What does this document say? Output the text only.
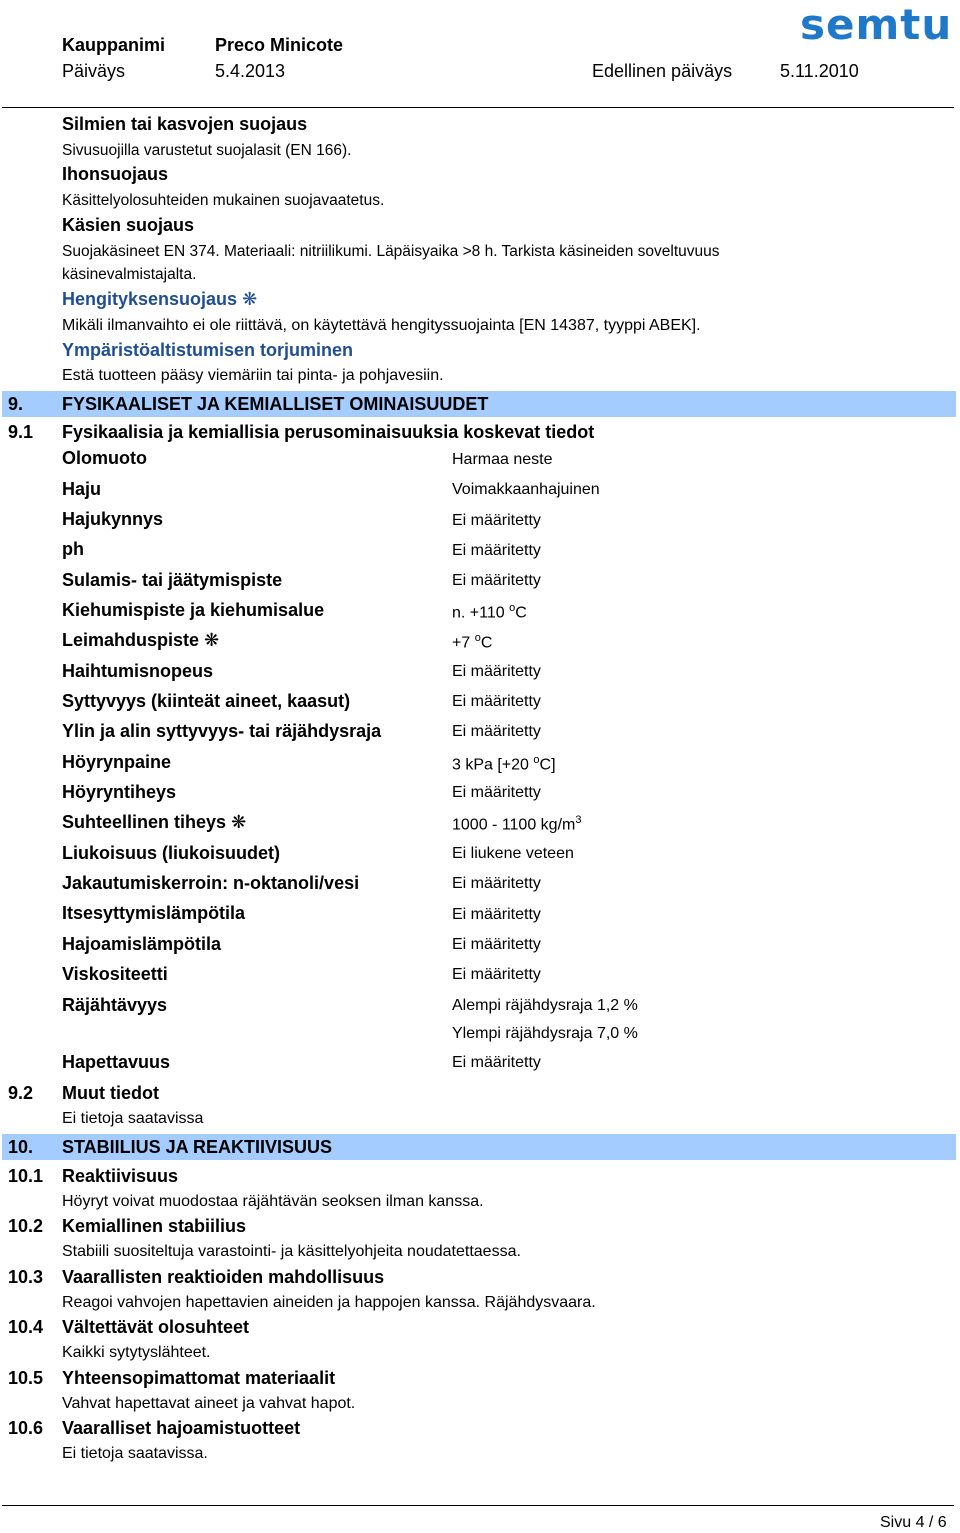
Kauppanimi	Preco Minicote
Päiväys	5.4.2013	Edellinen päiväys	5.11.2010
semtu
Silmien tai kasvojen suojaus
Sivusuojilla varustetut suojalasit (EN 166).
Ihonsuojaus
Käsittelyolosuhteiden mukainen suojavaatetus.
Käsien suojaus
Suojakäsineet EN 374. Materiaali: nitriilikumi. Läpäisyaika >8 h. Tarkista käsineiden soveltuvuus
käsinevalmistajalta.
Hengityksensuojaus ❋
Mikäli ilmanvaihto ei ole riittävä, on käytettävä hengityssuojainta [EN 14387, tyyppi ABEK].
Ympäristöaltistumisen torjuminen
Estä tuotteen pääsy viemäriin tai pinta- ja pohjavesiin.
9. FYSIKAALISET JA KEMIALLISET OMINAISUUDET
9.1 Fysikaalisia ja kemiallisia perusominaisuuksia koskevat tiedot
Olomuoto	Harmaa neste
Haju	Voimakkaanhajuinen
Hajukynnys	Ei määritetty
ph	Ei määritetty
Sulamis- tai jäätymispiste	Ei määritetty
Kiehumispiste ja kiehumisalue	n. +110 $^o$C
Leimahduspiste ❋	+7 $^o$C
Haihtumisnopeus	Ei määritetty
Syttyvyys (kiinteät aineet, kaasut)	Ei määritetty
Ylin ja alin syttyvyys- tai räjähdysraja	Ei määritetty
Höyrynpaine	3 kPa [+20 $^o$C]
Höyryntiheys	Ei määritetty
Suhteellinen tiheys ❋	1000 - 1100 $kg/m^3$
Liukoisuus (liukoisuudet)	Ei liukene veteen
Jakautumiskerroin: n-oktanoli/vesi	Ei määritetty
Itsesyttymislämpötila	Ei määritetty
Hajoamislämpötila	Ei määritetty
Viskositeetti	Ei määritetty
Räjähtävyys	Alempi räjähdysraja 1,2 %
Ylempi räjähdysraja 7,0 %
Hapettavuus	Ei määritetty
9.2 Muut tiedot
Ei tietoja saatavissa
10. STABIILIUS JA REAKTIIVISUUS
10.1 Reaktiivisuus
Höyryt voivat muodostaa räjähtävän seoksen ilman kanssa.
10.2 Kemiallinen stabiilius
Stabiili suositeltuja varastointi- ja käsittelyohjeita noudatettaessa.
10.3 Vaarallisten reaktioiden mahdollisuus
Reagoi vahvojen hapettavien aineiden ja happojen kanssa. Räjähdysvaara.
10.4 Vältettävät olosuhteet
Kaikki sytytyslähteet.
10.5 Yhteensopimattomat materiaalit
Vahvat hapettavat aineet ja vahvat hapot.
10.6 Vaaralliset hajoamistuotteet
Ei tietoja saatavissa.
Sivu 4 / 6
